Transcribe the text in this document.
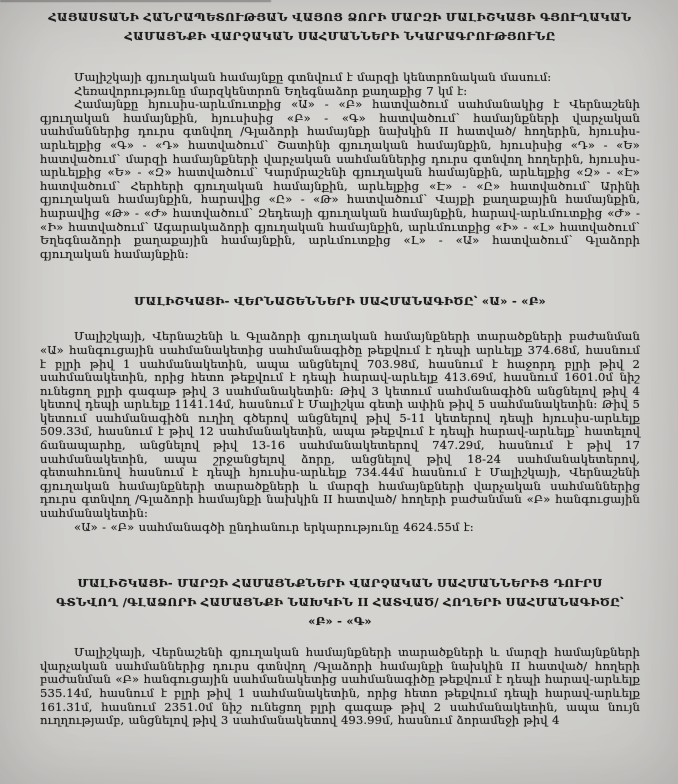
ՀԱՅԱՍՏԱՆԻ ՀԱՆՐԱՊԵՏՈՒԹՅԱՆ ՎԱՅՈՑ ՁՈՐԻ ՄԱՐԶԻ ՄԱԼԻՇԿԱՅԻ ԳՅՈՒՂԱԿԱՆ ՀԱՄԱՅՆՔԻ ՎԱՐՉԱԿԱՆ ՍԱՀՄԱՆՆԵՐԻ ՆԿԱՐԱԳՐՈՒԹՅՈՒՆԸ

Մալիշկայի գյուղական համայնքը գտնվում է մարզի կենտրոնական մասում:

Հեռավորությունը մարզկենտրոն Եղեգնաձոր քաղաքից 7 կմ է:

Համայնքը հյուսիս-արևմուտքից «Ա» - «Բ» հատվածում սահմանակից է Վերնաշենի գյուղական համայնքին, հյուսիսից «Բ» - «Գ» հատվածում՝ համայնքների վարչական սահմաններից դուրս գտնվող /Գլաձորի համայնքի նախկին II հատված/ հողերին, հյուսիս-արևելքից «Գ» - «Դ» հատվածում՝ Շատինի գյուղական համայնքին, հյուսիսից «Դ» - «Ե» հատվածում՝ մարզի համայնքների վարչական սահմաններից դուրս գտնվող հողերին, հյուսիս-արևելքից «Ե» - «Զ» հատվածում՝ Կարմրաշենի գյուղական համայնքին, արևելքից «Զ» - «Է» հատվածում՝ Հերհերի գյուղական համայնքին, արևելքից «Է» - «Ը» հատվածում՝ Արինի գյուղական համայնքին, հարավից «Ը» - «Թ» հատվածում՝ Վայքի քաղաքային համայնքին, հարավից «Թ» - «Ժ» հատվածում՝ Զեդեայի գյուղական համայնքին, հարավ-արևմուտքից «Ժ» - «Ի» հատվածում՝ Ագարակաձորի գյուղական համայնքին, արևմուտքից «Ի» - «Լ» հատվածում՝ Եղեգնաձորի քաղաքային համայնքին, արևմուտքից «Լ» - «Ա» հատվածում՝ Գլաձորի գյուղական համայնքին:

ՄԱԼԻՇԿԱՅԻ- ՎԵՐՆԱՇԵՆՆԵՐԻ ՍԱՀՄԱՆԱԳԻԾԸ՝ «Ա» - «Բ»

Մալիշկայի, Վերնաշենի և Գլաձորի գյուղական համայնքների տարածքների բաժանման «Ա» հանգուցային սահմանակետից սահմանագիծը թեքվում է դեպի արևելք 374.68մ, հասնում է բլրի թիվ 1 սահմանակետին, ապա անցնելով 703.98մ, հասնում է հաջորդ բլրի թիվ 2 սահմանակետին, որից հետո թեքվում է դեպի հարավ-արևելք 413.69մ, հասնում 1601.0մ նիշ ունեցող բլրի գագաթ թիվ 3 սահմանակետին: Թիվ 3 կետում սահմանագիծն անցնելով թիվ 4 կետով դեպի արևելք 1141.14մ, հասնում է Մալիշկա գետի ափին թիվ 5 սահմանակետին: Թիվ 5 կետում սահմանագիծն ուղիղ գծերով անցնելով թիվ 5-11 կետերով դեպի հյուսիս-արևելք 509.33մ, հասնում է թիվ 12 սահմանակետին, ապա թեքվում է դեպի հարավ-արևելք՝ հատելով ճանապարհը, անցնելով թիվ 13-16 սահմանակետերով 747.29մ, հասնում է թիվ 17 սահմանակետին, ապա շրջանցելով ձորը, անցնելով թիվ 18-24 սահմանակետերով, գետահունով հասնում է դեպի հյուսիս-արևելք 734.44մ հասնում է Մալիշկայի, Վերնաշենի գյուղական համայնքների տարածքների և մարզի համայնքների վարչական սահմաններից դուրս գտնվող /Գլաձորի համայնքի նախկին II հատված/ հողերի բաժանման «Բ» հանգուցային սահմանակետին:

«Ա» - «Բ» սահմանագծի ընդհանուր երկարությունը 4624.55մ է:

ՄԱԼԻՇԿԱՅԻ- ՄԱՐԶԻ ՀԱՄԱՅՆՔՆԵՐԻ ՎԱՐՉԱԿԱՆ ՍԱՀՄԱՆՆԵՐԻՑ ԴՈՒՐՍ ԳՏՆՎՈՂ /ԳԼԱՁՈՐԻ ՀԱՄԱՅՆՔԻ ՆԱԽԿԻՆ II ՀԱՏՎԱԾ/ ՀՈՂԵՐԻ ՍԱՀՄԱՆԱԳԻԾԸ՝ «Բ» - «Գ»

Մալիշկայի, Վերնաշենի գյուղական համայնքների տարածքների և մարզի համայնքների վարչական սահմաններից դուրս գտնվող /Գլաձորի համայնքի նախկին II հատված/ հողերի բաժանման «Բ» հանգուցային սահմանակետից սահմանագիծը թեքվում է դեպի հարավ-արևելք 535.14մ, հասնում է բլրի թիվ 1 սահմանակետին, որից հետո թեքվում դեպի հարավ-արևելք 161.31մ, հասնում 2351.0մ նիշ ունեցող բլրի գագաթ թիվ 2 սահմանակետին, ապա նույն ուղղությամբ, անցնելով թիվ 3 սահմանակետով 493.99մ, հասնում ձորամեջի թիվ 4
